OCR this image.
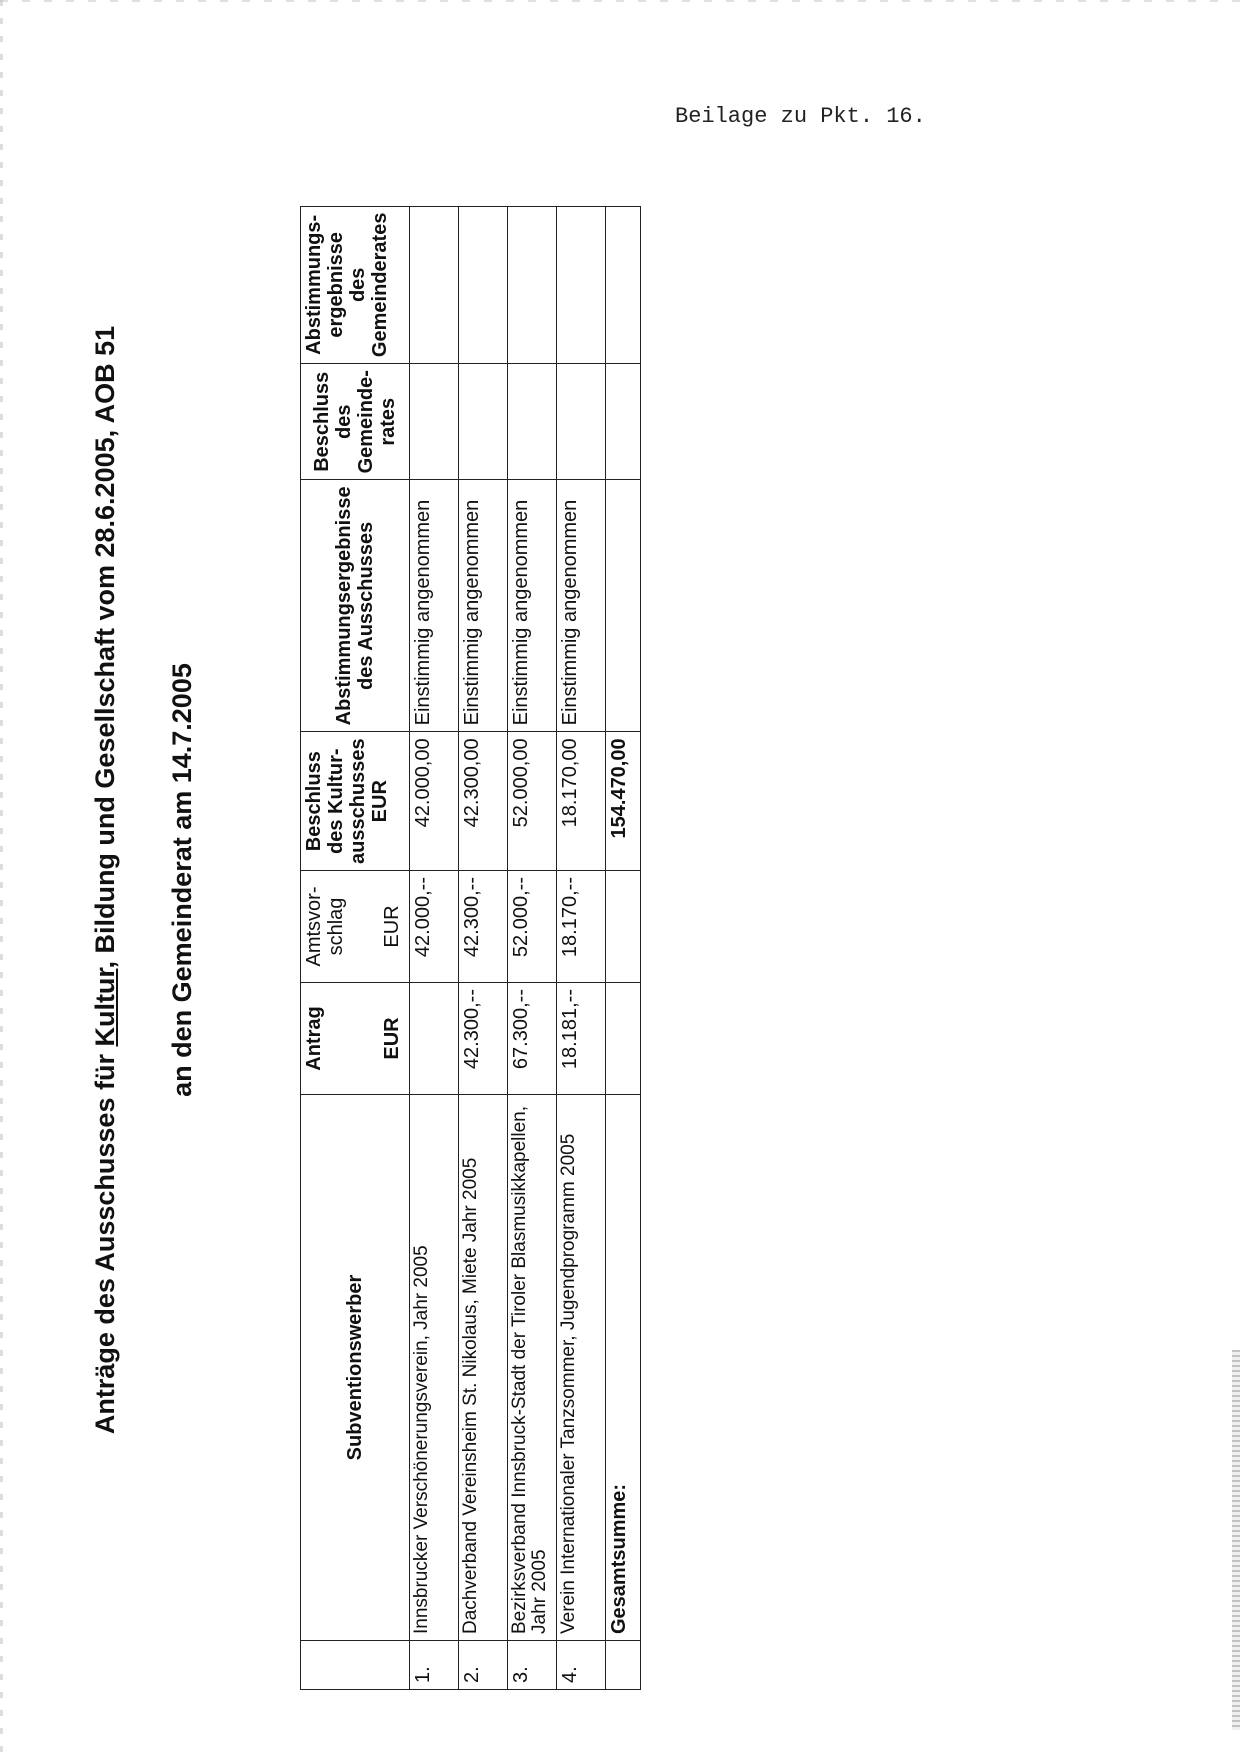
Beilage zu Pkt. 16.
Anträge des Ausschusses für Kultur, Bildung und Gesellschaft vom 28.6.2005, AOB 51 an den Gemeinderat am 14.7.2005
	Subventionswerber	Antrag EUR	Amtsvor-schlag EUR	Beschluss des Kultur-ausschusses EUR	Abstimmungsergebnisse des Ausschusses	Beschluss des Gemeinde-rates	Abstimmungs-ergebnisse des Gemeinderates
1.	Innsbrucker Verschönerungsverein, Jahr 2005		42.000,--	42.000,00	Einstimmig angenommen		
2.	Dachverband Vereinsheim St. Nikolaus, Miete Jahr 2005	42.300,--	42.300,--	42.300,00	Einstimmig angenommen		
3.	Bezirksverband Innsbruck-Stadt der Tiroler Blasmusikkapellen, Jahr 2005	67.300,--	52.000,--	52.000,00	Einstimmig angenommen		
4.	Verein Internationaler Tanzsommer, Jugendprogramm 2005	18.181,--	18.170,--	18.170,00	Einstimmig angenommen		
	Gesamtsumme:			154.470,00			
